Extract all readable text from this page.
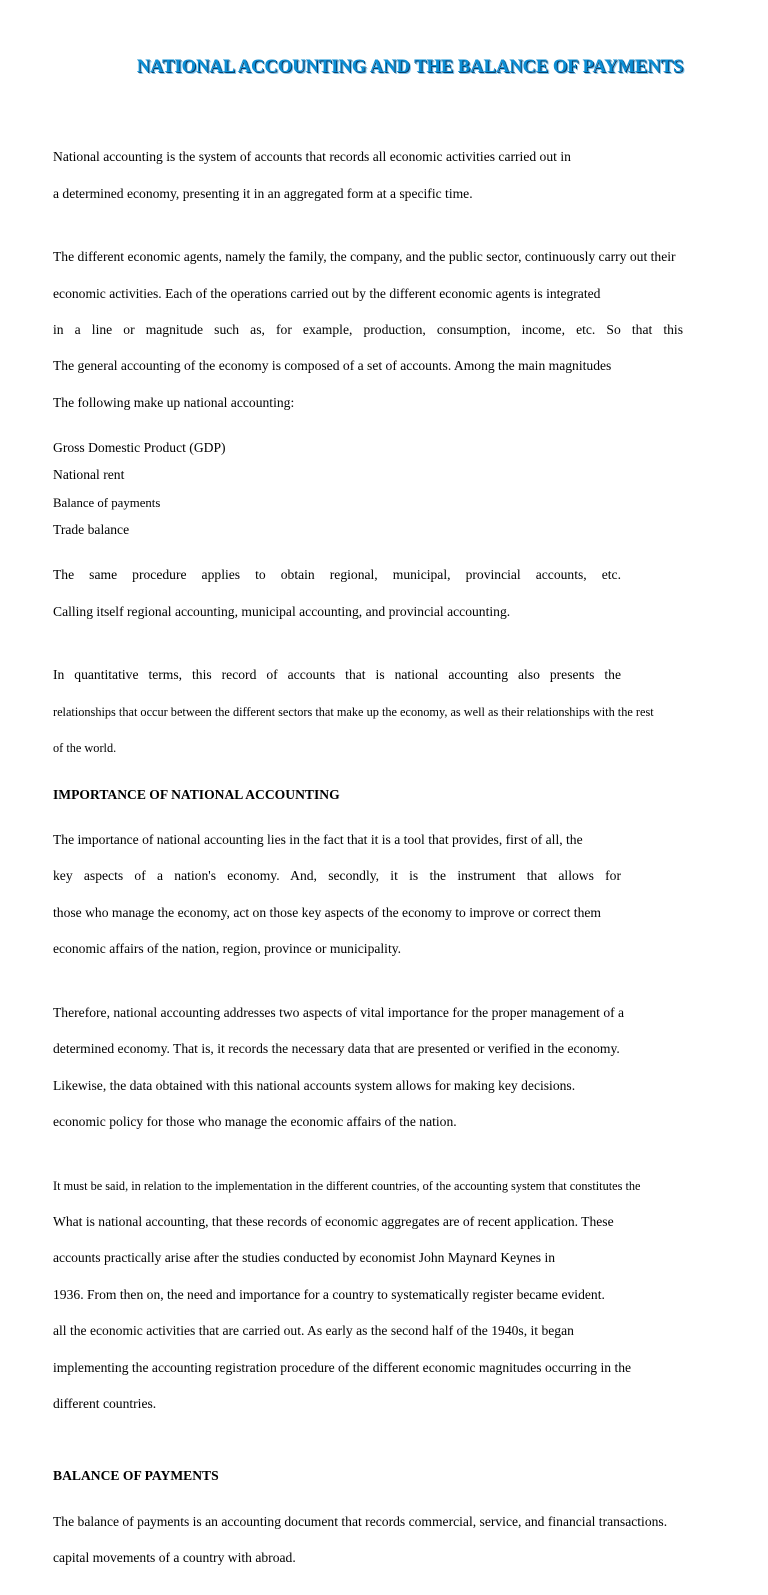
NATIONAL ACCOUNTING AND THE BALANCE OF PAYMENTS

National accounting is the system of accounts that records all economic activities carried out in

a determined economy, presenting it in an aggregated form at a specific time.

The different economic agents, namely the family, the company, and the public sector, continuously carry out their

economic activities. Each of the operations carried out by the different economic agents is integrated

in a line or magnitude such as, for example, production, consumption, income, etc. So that this

The general accounting of the economy is composed of a set of accounts. Among the main magnitudes

The following make up national accounting:

Gross Domestic Product (GDP)
National rent
Balance of payments
Trade balance

The same procedure applies to obtain regional, municipal, provincial accounts, etc.

Calling itself regional accounting, municipal accounting, and provincial accounting.

In quantitative terms, this record of accounts that is national accounting also presents the

relationships that occur between the different sectors that make up the economy, as well as their relationships with the rest

of the world.

IMPORTANCE OF NATIONAL ACCOUNTING

The importance of national accounting lies in the fact that it is a tool that provides, first of all, the

key aspects of a nation's economy. And, secondly, it is the instrument that allows for

those who manage the economy, act on those key aspects of the economy to improve or correct them

economic affairs of the nation, region, province or municipality.

Therefore, national accounting addresses two aspects of vital importance for the proper management of a

determined economy. That is, it records the necessary data that are presented or verified in the economy.

Likewise, the data obtained with this national accounts system allows for making key decisions.

economic policy for those who manage the economic affairs of the nation.

It must be said, in relation to the implementation in the different countries, of the accounting system that constitutes the

What is national accounting, that these records of economic aggregates are of recent application. These

accounts practically arise after the studies conducted by economist John Maynard Keynes in

1936. From then on, the need and importance for a country to systematically register became evident.

all the economic activities that are carried out. As early as the second half of the 1940s, it began

implementing the accounting registration procedure of the different economic magnitudes occurring in the

different countries.

BALANCE OF PAYMENTS

The balance of payments is an accounting document that records commercial, service, and financial transactions.

capital movements of a country with abroad.
